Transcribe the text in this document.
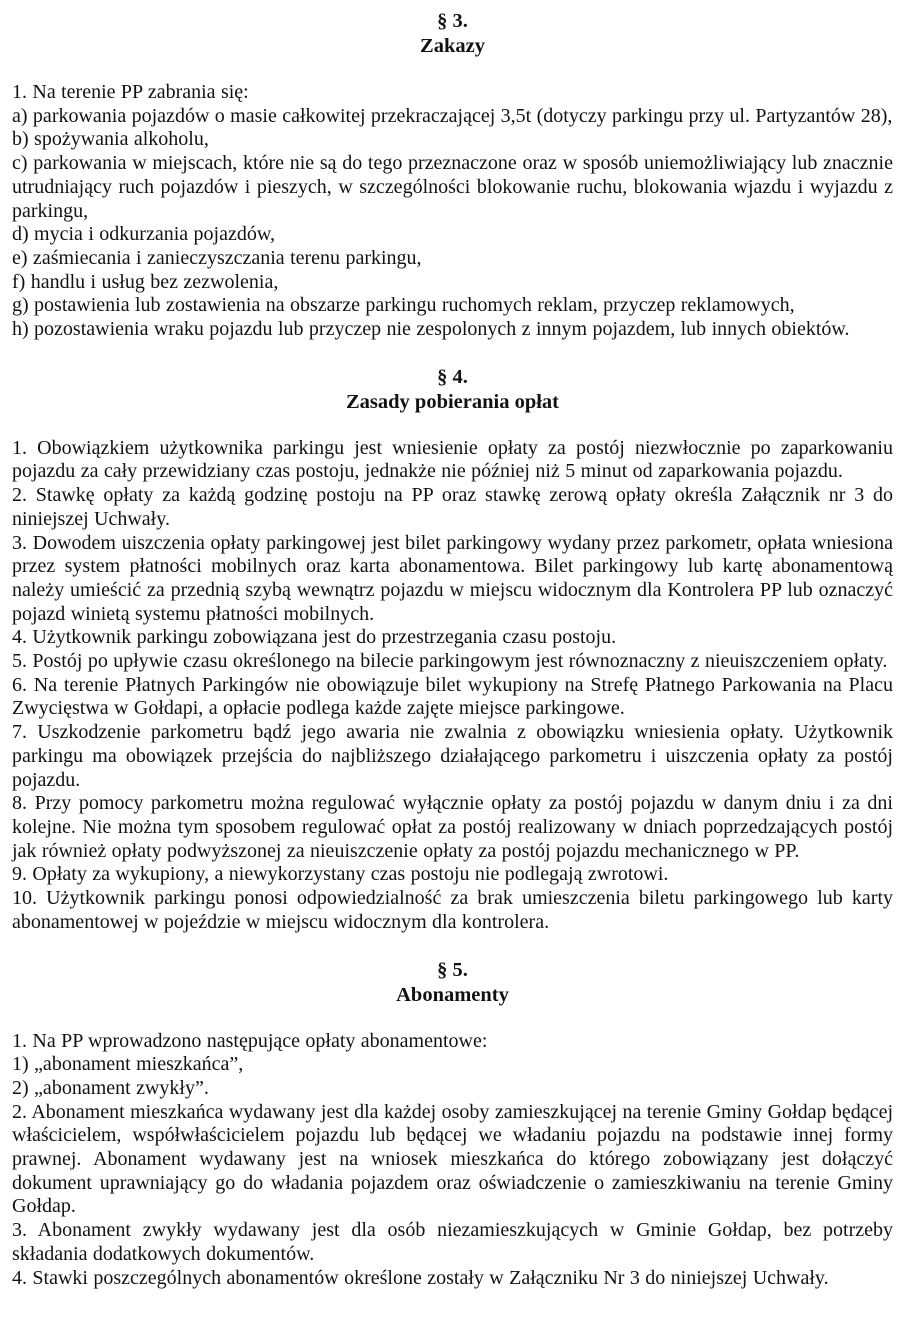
§ 3.
Zakazy

1. Na terenie PP zabrania się:

a) parkowania pojazdów o masie całkowitej przekraczającej 3,5t (dotyczy parkingu przy ul. Partyzantów 28),

b) spożywania alkoholu,

c) parkowania w miejscach, które nie są do tego przeznaczone oraz w sposób uniemożliwiający lub znacznie utrudniający ruch pojazdów i pieszych, w szczególności blokowanie ruchu, blokowania wjazdu i wyjazdu z parkingu,

d) mycia i odkurzania pojazdów,

e) zaśmiecania i zanieczyszczania terenu parkingu,

f) handlu i usług bez zezwolenia,

g) postawienia lub zostawienia na obszarze parkingu ruchomych reklam, przyczep reklamowych,

h) pozostawienia wraku pojazdu lub przyczep nie zespolonych z innym pojazdem, lub innych obiektów.

§ 4.
Zasady pobierania opłat

1. Obowiązkiem użytkownika parkingu jest wniesienie opłaty za postój niezwłocznie po zaparkowaniu pojazdu za cały przewidziany czas postoju, jednakże nie później niż 5 minut od zaparkowania pojazdu.

2. Stawkę opłaty za każdą godzinę postoju na PP oraz stawkę zerową opłaty określa Załącznik nr 3 do niniejszej Uchwały.

3. Dowodem uiszczenia opłaty parkingowej jest bilet parkingowy wydany przez parkometr, opłata wniesiona przez system płatności mobilnych oraz karta abonamentowa. Bilet parkingowy lub kartę abonamentową należy umieścić za przednią szybą wewnątrz pojazdu w miejscu widocznym dla Kontrolera PP lub oznaczyć pojazd winietą systemu płatności mobilnych.

4. Użytkownik parkingu zobowiązana jest do przestrzegania czasu postoju.

5. Postój po upływie czasu określonego na bilecie parkingowym jest równoznaczny z nieuiszczeniem opłaty.

6. Na terenie Płatnych Parkingów nie obowiązuje bilet wykupiony na Strefę Płatnego Parkowania na Placu Zwycięstwa w Gołdapi, a opłacie podlega każde zajęte miejsce parkingowe.

7. Uszkodzenie parkometru bądź jego awaria nie zwalnia z obowiązku wniesienia opłaty. Użytkownik parkingu ma obowiązek przejścia do najbliższego działającego parkometru i uiszczenia opłaty za postój pojazdu.

8. Przy pomocy parkometru można regulować wyłącznie opłaty za postój pojazdu w danym dniu i za dni kolejne. Nie można tym sposobem regulować opłat za postój realizowany w dniach poprzedzających postój jak również opłaty podwyższonej za nieuiszczenie opłaty za postój pojazdu mechanicznego w PP.

9. Opłaty za wykupiony, a niewykorzystany czas postoju nie podlegają zwrotowi.

10. Użytkownik parkingu ponosi odpowiedzialność za brak umieszczenia biletu parkingowego lub karty abonamentowej w pojeździe w miejscu widocznym dla kontrolera.

§ 5.
Abonamenty

1. Na PP wprowadzono następujące opłaty abonamentowe:

1) „abonament mieszkańca”,

2) „abonament zwykły”.

2. Abonament mieszkańca wydawany jest dla każdej osoby zamieszkującej na terenie Gminy Gołdap będącej właścicielem, współwłaścicielem pojazdu lub będącej we władaniu pojazdu na podstawie innej formy prawnej. Abonament wydawany jest na wniosek mieszkańca do którego zobowiązany jest dołączyć dokument uprawniający go do władania pojazdem oraz oświadczenie o zamieszkiwaniu na terenie Gminy Gołdap.

3. Abonament zwykły wydawany jest dla osób niezamieszkujących w Gminie Gołdap, bez potrzeby składania dodatkowych dokumentów.

4. Stawki poszczególnych abonamentów określone zostały w Załączniku Nr 3 do niniejszej Uchwały.
